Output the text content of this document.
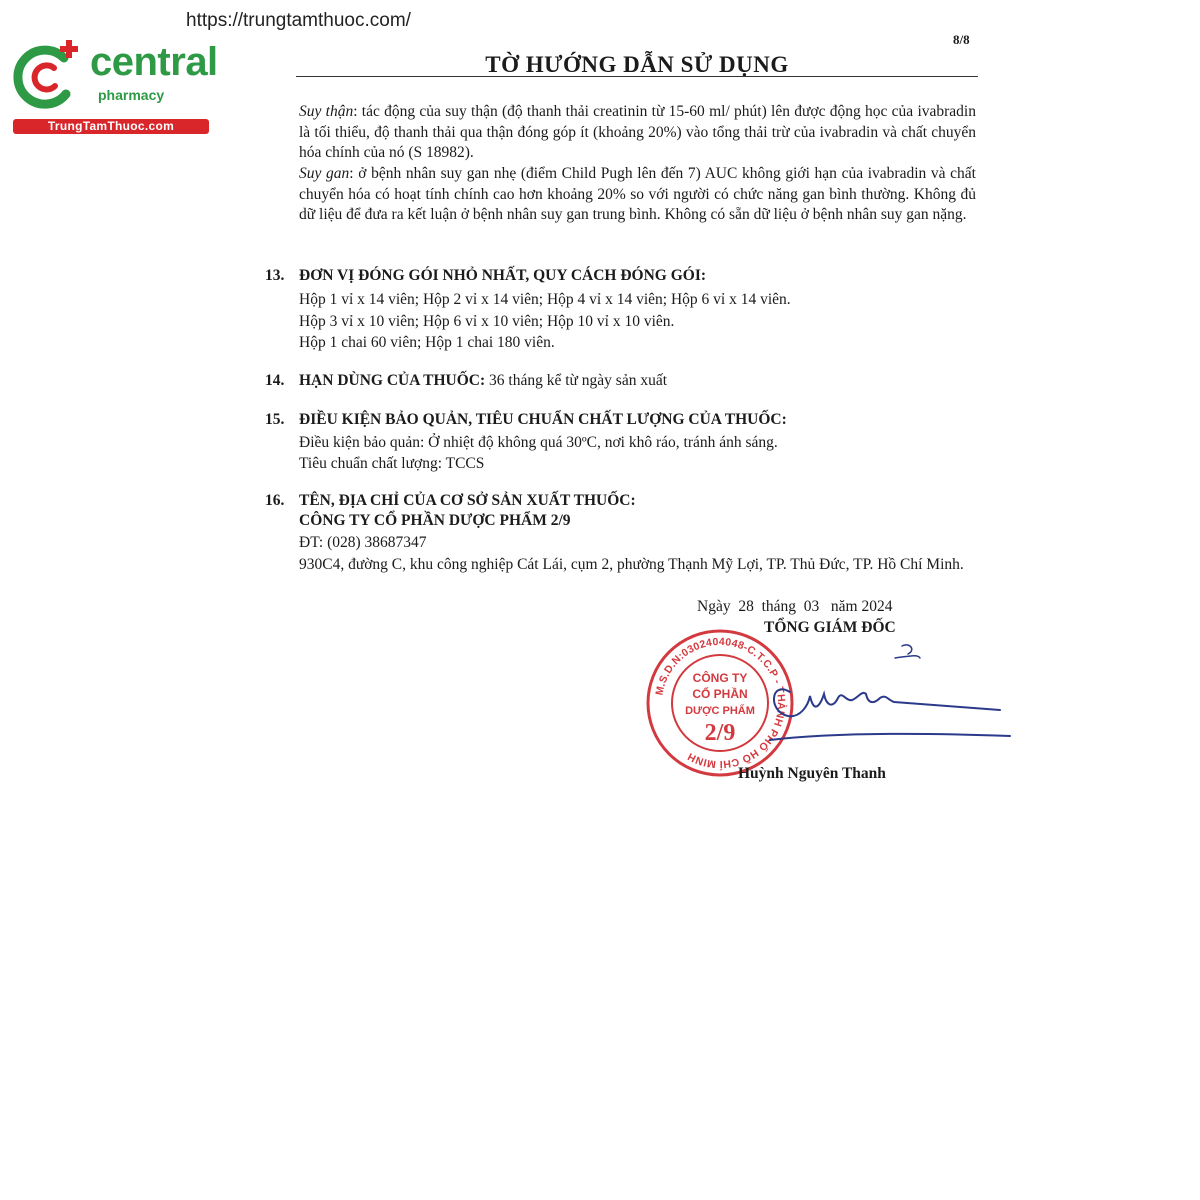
https://trungtamthuoc.com/
central
pharmacy
TrungTamThuoc.com
8/8
TỜ HƯỚNG DẪN SỬ DỤNG
Suy thận: tác động của suy thận (độ thanh thải creatinin từ 15-60 ml/ phút) lên được động học của ivabradin là tối thiểu, độ thanh thải qua thận đóng góp ít (khoảng 20%) vào tổng thải trừ của ivabradin và chất chuyển hóa chính của nó (S 18982).
Suy gan: ở bệnh nhân suy gan nhẹ (điểm Child Pugh lên đến 7) AUC không giới hạn của ivabradin và chất chuyển hóa có hoạt tính chính cao hơn khoảng 20% so với người có chức năng gan bình thường. Không đủ dữ liệu để đưa ra kết luận ở bệnh nhân suy gan trung bình. Không có sẵn dữ liệu ở bệnh nhân suy gan nặng.
13. ĐƠN VỊ ĐÓNG GÓI NHỎ NHẤT, QUY CÁCH ĐÓNG GÓI:
Hộp 1 vỉ x 14 viên; Hộp 2 vỉ x 14 viên; Hộp 4 vỉ x 14 viên; Hộp 6 vỉ x 14 viên.
Hộp 3 vỉ x 10 viên; Hộp 6 vỉ x 10 viên; Hộp 10 vỉ x 10 viên.
Hộp 1 chai 60 viên; Hộp 1 chai 180 viên.
14. HẠN DÙNG CỦA THUỐC: 36 tháng kể từ ngày sản xuất
15. ĐIỀU KIỆN BẢO QUẢN, TIÊU CHUẨN CHẤT LƯỢNG CỦA THUỐC:
Điều kiện bảo quản: Ở nhiệt độ không quá 30ºC, nơi khô ráo, tránh ánh sáng.
Tiêu chuẩn chất lượng: TCCS
16. TÊN, ĐỊA CHỈ CỦA CƠ SỞ SẢN XUẤT THUỐC:
CÔNG TY CỔ PHẦN DƯỢC PHẨM 2/9
ĐT: (028) 38687347
930C4, đường C, khu công nghiệp Cát Lái, cụm 2, phường Thạnh Mỹ Lợi, TP. Thủ Đức, TP. Hồ Chí Minh.
Ngày  28  tháng  03   năm 2024
TỔNG GIÁM ĐỐC
M.S.D.N:0302404048-C.T.C.P - THÀNH PHỐ HỒ CHÍ MINH
CÔNG TY
CỔ PHẦN
DƯỢC PHẨM
2/9
Huỳnh Nguyên Thanh
